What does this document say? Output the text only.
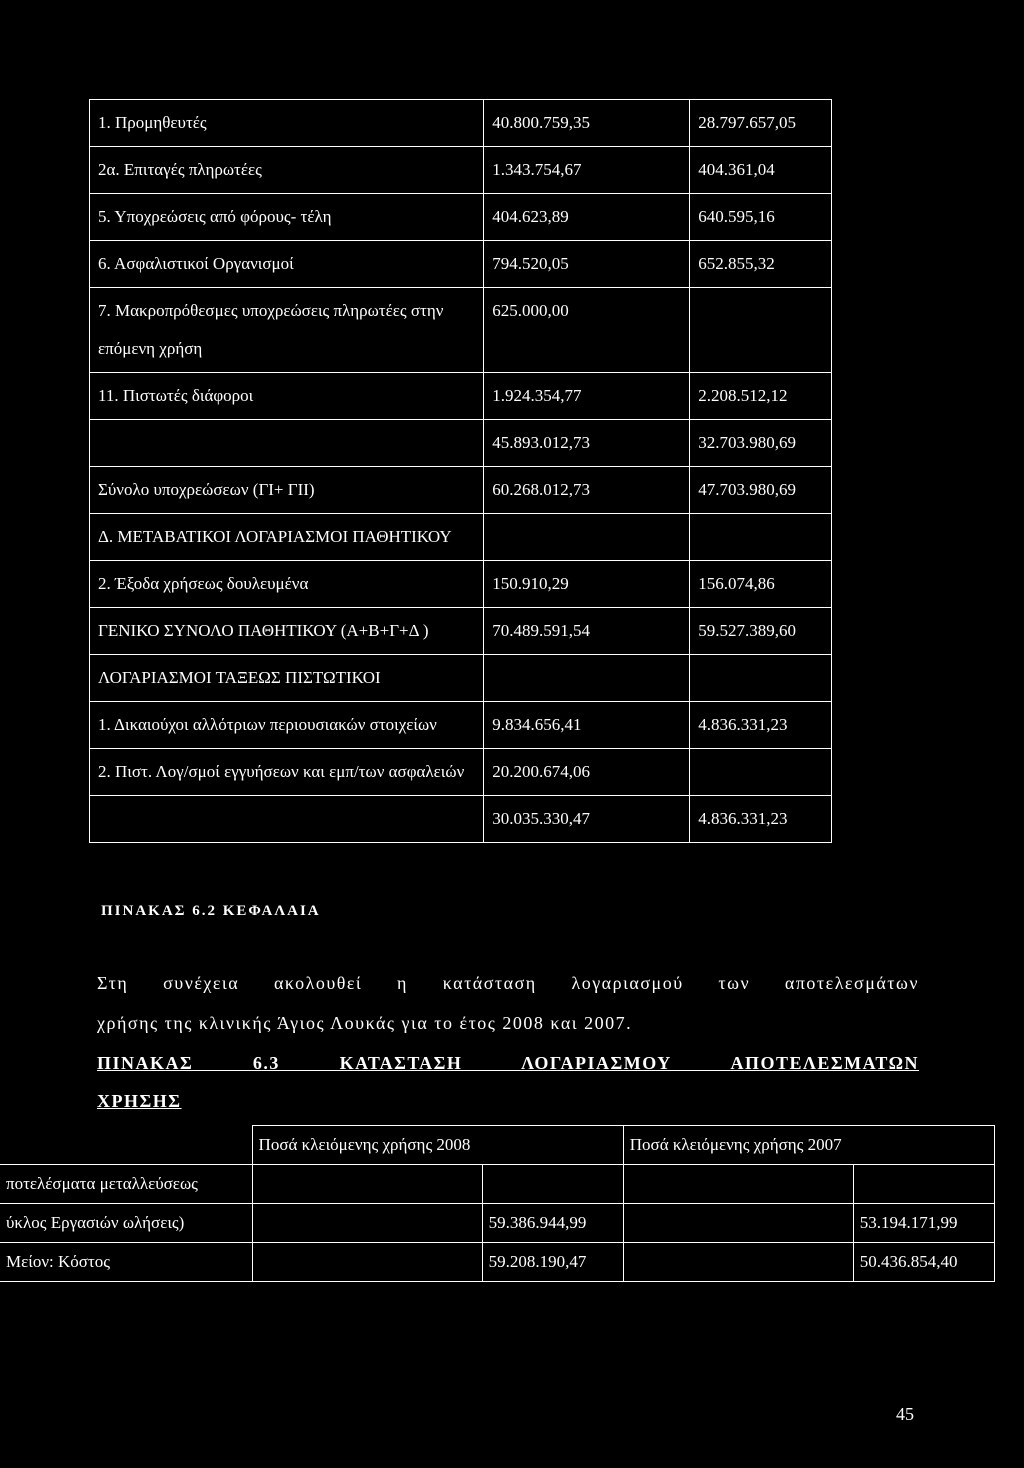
1. Προμηθευτές	40.800.759,35	28.797.657,05
2α. Επιταγές πληρωτέες	1.343.754,67	404.361,04
5. Υποχρεώσεις από φόρους- τέλη	404.623,89	640.595,16
6. Ασφαλιστικοί Οργανισμοί	794.520,05	652.855,32
7. Μακροπρόθεσμες υποχρεώσεις πληρωτέες στην επόμενη χρήση	625.000,00	
11. Πιστωτές διάφοροι	1.924.354,77	2.208.512,12
	45.893.012,73	32.703.980,69
Σύνολο υποχρεώσεων (ΓΙ+ ΓΙΙ)	60.268.012,73	47.703.980,69
Δ. ΜΕΤΑΒΑΤΙΚΟΙ ΛΟΓΑΡΙΑΣΜΟΙ ΠΑΘΗΤΙΚΟΥ		
2. Έξοδα χρήσεως δουλευμένα	150.910,29	156.074,86
ΓΕΝΙΚΟ ΣΥΝΟΛΟ ΠΑΘΗΤΙΚΟΥ (Α+Β+Γ+Δ )	70.489.591,54	59.527.389,60
ΛΟΓΑΡΙΑΣΜΟΙ ΤΑΞΕΩΣ ΠΙΣΤΩΤΙΚΟΙ		
1. Δικαιούχοι αλλότριων περιουσιακών στοιχείων	9.834.656,41	4.836.331,23
2. Πιστ. Λογ/σμοί εγγυήσεων και εμπ/των ασφαλειών	20.200.674,06	
	30.035.330,47	4.836.331,23
ΠΙΝΑΚΑΣ 6.2 ΚΕΦΑΛΑΙΑ
Στη συνέχεια ακολουθεί η κατάσταση λογαριασμού των αποτελεσμάτων
χρήσης της κλινικής Άγιος Λουκάς για το έτος 2008 και 2007.
ΠΙΝΑΚΑΣ 6.3 ΚΑΤΑΣΤΑΣΗ ΛΟΓΑΡΙΑΣΜΟΥ ΑΠΟΤΕΛΕΣΜΑΤΩΝ
ΧΡΗΣΗΣ
	Ποσά κλειόμενης χρήσης 2008		Ποσά κλειόμενης χρήσης 2007	
ποτελέσματα μεταλλεύσεως				
ύκλος Εργασιών ωλήσεις)		59.386.944,99		53.194.171,99
Μείον: Κόστος		59.208.190,47		50.436.854,40
45
